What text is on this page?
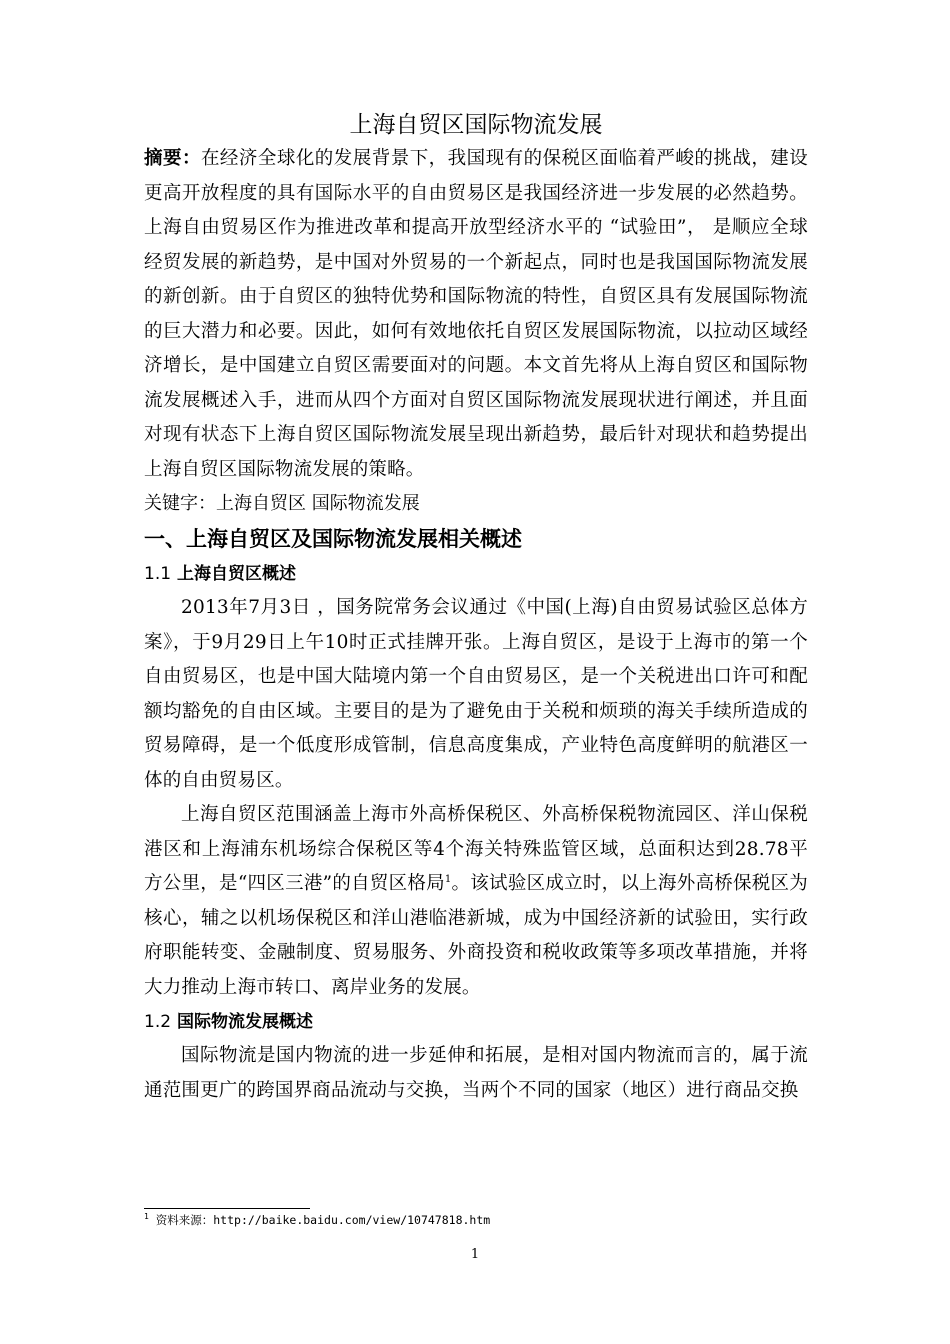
上海自贸区国际物流发展

摘要：在经济全球化的发展背景下，我国现有的保税区面临着严峻的挑战，建设更高开放程度的具有国际水平的自由贸易区是我国经济进一步发展的必然趋势。上海自由贸易区作为推进改革和提高开放型经济水平的 “试验田”， 是顺应全球经贸发展的新趋势，是中国对外贸易的一个新起点，同时也是我国国际物流发展的新创新。由于自贸区的独特优势和国际物流的特性，自贸区具有发展国际物流的巨大潜力和必要。因此，如何有效地依托自贸区发展国际物流，以拉动区域经济增长，是中国建立自贸区需要面对的问题。本文首先将从上海自贸区和国际物流发展概述入手，进而从四个方面对自贸区国际物流发展现状进行阐述，并且面对现有状态下上海自贸区国际物流发展呈现出新趋势，最后针对现状和趋势提出上海自贸区国际物流发展的策略。

关键字：上海自贸区 国际物流发展

一、上海自贸区及国际物流发展相关概述
1.1 上海自贸区概述

2013年7月3日 ，国务院常务会议通过《中国(上海)自由贸易试验区总体方案》，于9月29日上午10时正式挂牌开张。上海自贸区，是设于上海市的第一个自由贸易区，也是中国大陆境内第一个自由贸易区，是一个关税进出口许可和配额均豁免的自由区域。主要目的是为了避免由于关税和烦琐的海关手续所造成的贸易障碍，是一个低度形成管制，信息高度集成，产业特色高度鲜明的航港区一体的自由贸易区。

上海自贸区范围涵盖上海市外高桥保税区、外高桥保税物流园区、洋山保税港区和上海浦东机场综合保税区等4个海关特殊监管区域，总面积达到28.78平方公里，是“四区三港”的自贸区格局$^1$。该试验区成立时，以上海外高桥保税区为核心，辅之以机场保税区和洋山港临港新城，成为中国经济新的试验田，实行政府职能转变、金融制度、贸易服务、外商投资和税收政策等多项改革措施，并将大力推动上海市转口、离岸业务的发展。

1.2 国际物流发展概述

国际物流是国内物流的进一步延伸和拓展，是相对国内物流而言的，属于流通范围更广的跨国界商品流动与交换，当两个不同的国家（地区）进行商品交换

$^1$ 资料来源：http://baike.baidu.com/view/10747818.htm
1
